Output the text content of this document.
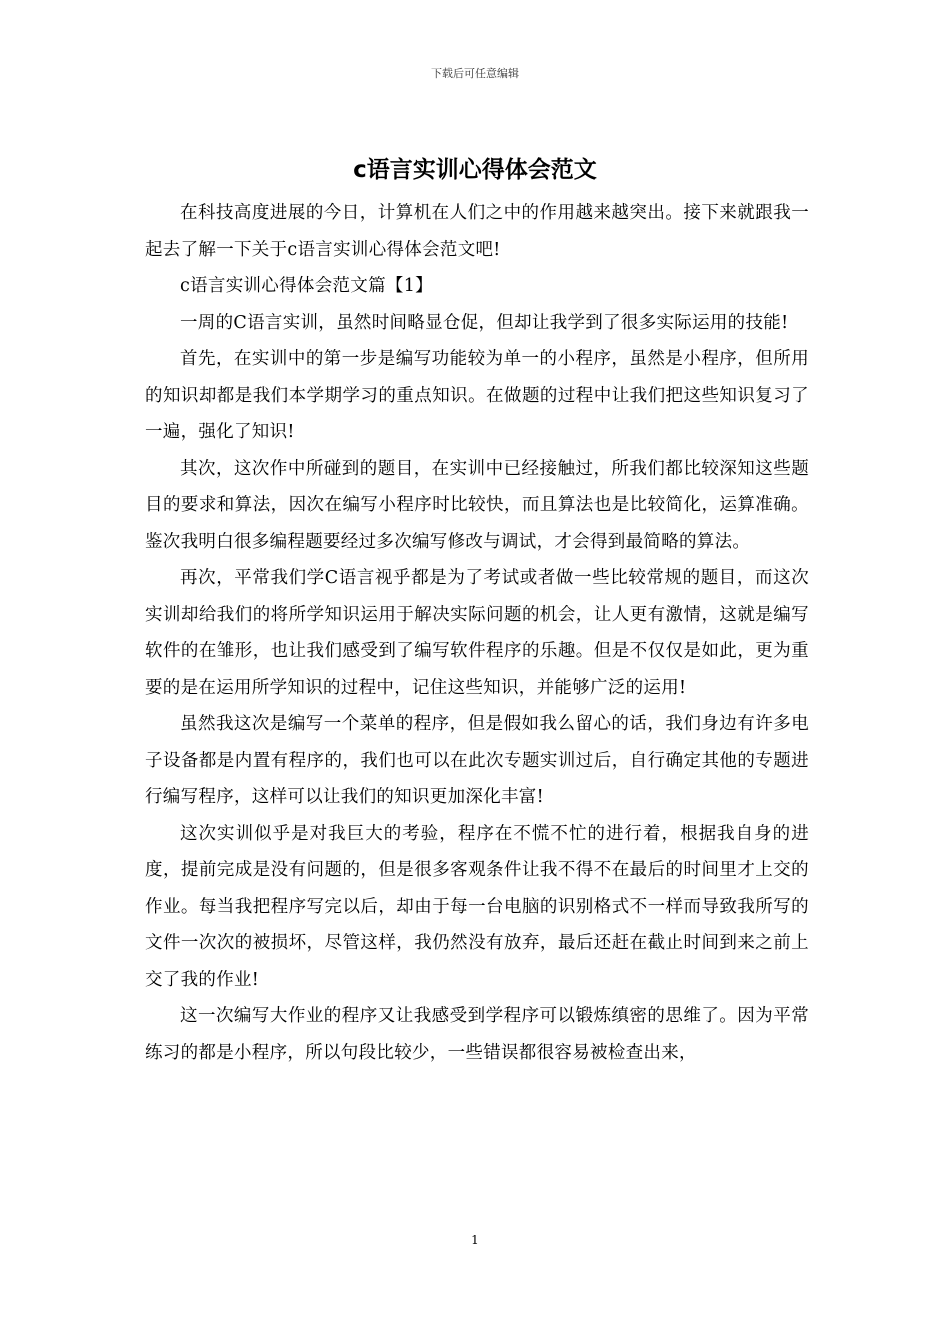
下载后可任意编辑
c语言实训心得体会范文

在科技高度进展的今日，计算机在人们之中的作用越来越突出。接下来就跟我一起去了解一下关于c语言实训心得体会范文吧!

c语言实训心得体会范文篇【1】

一周的C语言实训，虽然时间略显仓促，但却让我学到了很多实际运用的技能!

首先，在实训中的第一步是编写功能较为单一的小程序，虽然是小程序，但所用的知识却都是我们本学期学习的重点知识。在做题的过程中让我们把这些知识复习了一遍，强化了知识!

其次，这次作中所碰到的题目，在实训中已经接触过，所我们都比较深知这些题目的要求和算法，因次在编写小程序时比较快，而且算法也是比较简化，运算准确。鉴次我明白很多编程题要经过多次编写修改与调试，才会得到最简略的算法。

再次，平常我们学C语言视乎都是为了考试或者做一些比较常规的题目，而这次实训却给我们的将所学知识运用于解决实际问题的机会，让人更有激情，这就是编写软件的在雏形，也让我们感受到了编写软件程序的乐趣。但是不仅仅是如此，更为重要的是在运用所学知识的过程中，记住这些知识，并能够广泛的运用!

虽然我这次是编写一个菜单的程序，但是假如我么留心的话，我们身边有许多电子设备都是内置有程序的，我们也可以在此次专题实训过后，自行确定其他的专题进行编写程序，这样可以让我们的知识更加深化丰富!

这次实训似乎是对我巨大的考验，程序在不慌不忙的进行着，根据我自身的进度，提前完成是没有问题的，但是很多客观条件让我不得不在最后的时间里才上交的作业。每当我把程序写完以后，却由于每一台电脑的识别格式不一样而导致我所写的文件一次次的被损坏，尽管这样，我仍然没有放弃，最后还赶在截止时间到来之前上交了我的作业!

这一次编写大作业的程序又让我感受到学程序可以锻炼缜密的思维了。因为平常练习的都是小程序，所以句段比较少，一些错误都很容易被检查出来，

1
